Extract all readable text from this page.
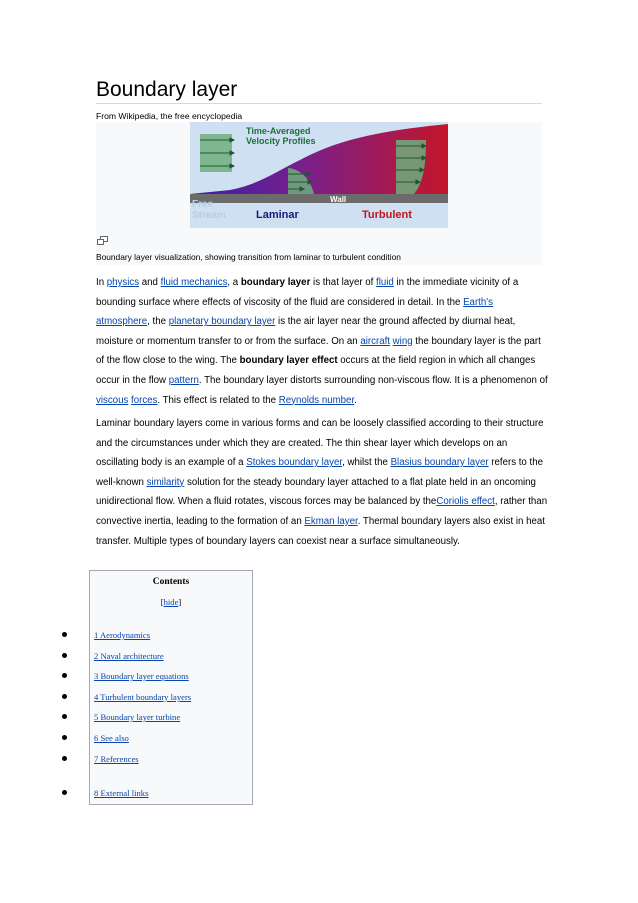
Boundary layer
From Wikipedia, the free encyclopedia
Wall
Time-Averaged
Velocity Profiles
Free
Stream	Laminar	Turbulent
Boundary layer visualization, showing transition from laminar to turbulent condition

In physics and fluid mechanics, a boundary layer is that layer of fluid in the immediate vicinity of a bounding surface where effects of viscosity of the fluid are considered in detail. In the Earth's atmosphere, the planetary boundary layer is the air layer near the ground affected by diurnal heat, moisture or momentum transfer to or from the surface. On an aircraft wing the boundary layer is the part of the flow close to the wing. The boundary layer effect occurs at the field region in which all changes occur in the flow pattern. The boundary layer distorts surrounding non-viscous flow. It is a phenomenon of viscous forces. This effect is related to the Reynolds number.

Laminar boundary layers come in various forms and can be loosely classified according to their structure and the circumstances under which they are created. The thin shear layer which develops on an oscillating body is an example of a Stokes boundary layer, whilst the Blasius boundary layer refers to the well-known similarity solution for the steady boundary layer attached to a flat plate held in an oncoming unidirectional flow. When a fluid rotates, viscous forces may be balanced by theCoriolis effect, rather than convective inertia, leading to the formation of an Ekman layer. Thermal boundary layers also exist in heat transfer. Multiple types of boundary layers can coexist near a surface simultaneously.

Contents
[hide]
1 Aerodynamics
2 Naval architecture
3 Boundary layer equations
4 Turbulent boundary layers
5 Boundary layer turbine
6 See also
7 References
8 External links
